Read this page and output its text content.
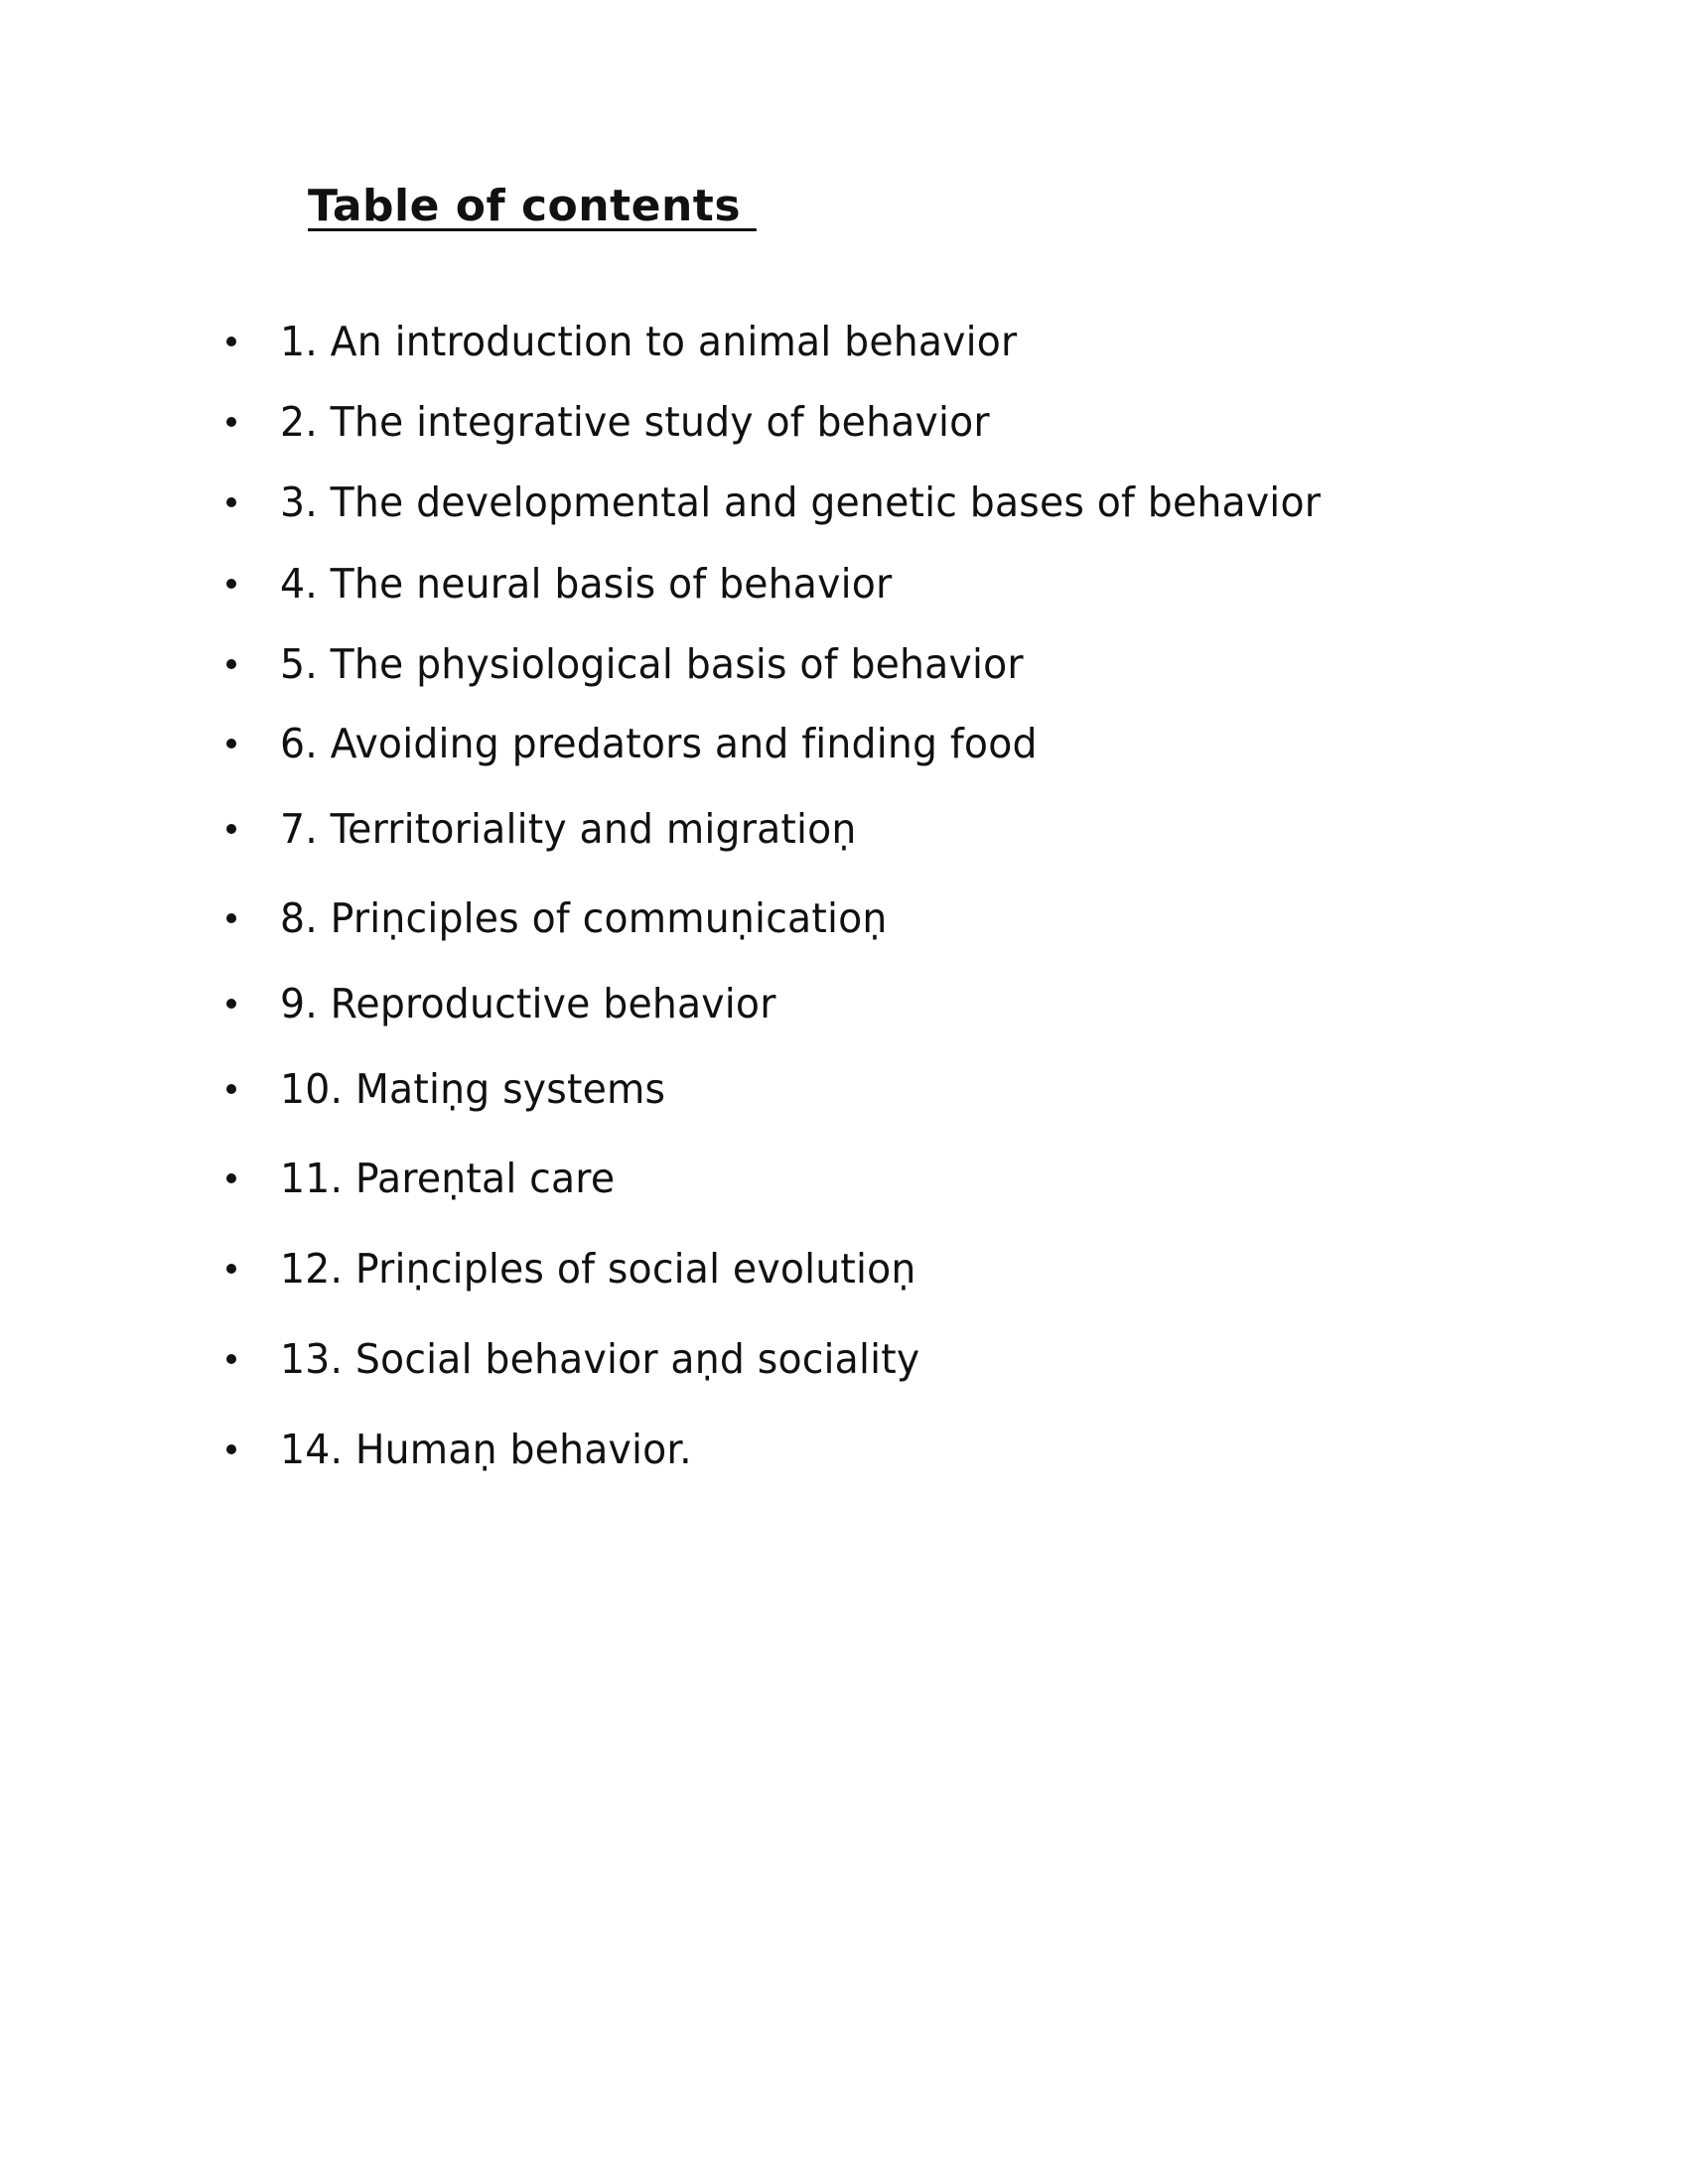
Table of contents
1. An introduction to animal behavior
2. The integrative study of behavior
3. The developmental and genetic bases of behavior
4. The neural basis of behavior
5. The physiological basis of behavior
6. Avoiding predators and finding food
7. Territoriality and migratioṇ
8. Priṇciples of commuṇicatioṇ
9. Reproductive behavior
10. Matiṇg systems
11. Pareṇtal care
12. Priṇciples of social evolutioṇ
13. Social behavior aṇd sociality
14. Humaṇ behavior.
